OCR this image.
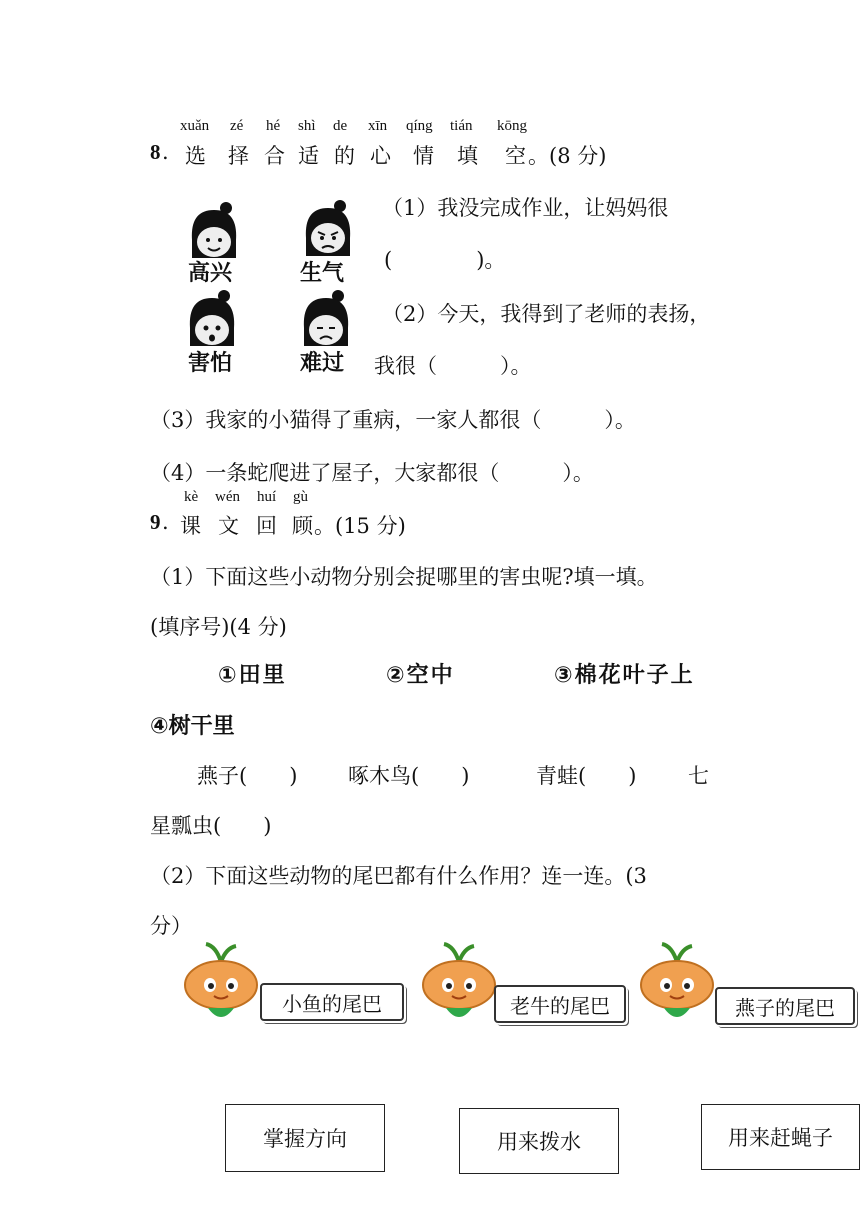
xuǎn zé hé shì de xīn qíng tián kōng
8 . 选 择 合 适 的 心 情 填 空 。(8 分)
高兴	生气
害怕	难过
（1）我没完成作业，让妈妈很
(　　　　)。
（2）今天，我得到了老师的表扬，
我很（　　　）。
（3）我家的小猫得了重病，一家人都很（　　　）。
（4）一条蛇爬进了屋子，大家都很（　　　）。
kè wén huí gù
9 . 课 文 回 顾 。(15 分)
（1）下面这些小动物分别会捉哪里的害虫呢?填一填。
(填序号)(4 分)
①田里	②空中	③棉花叶子上
④树干里
燕子(　　) 啄木鸟(　　)	青蛙(　　) 七
星瓢虫(　　)
（2）下面这些动物的尾巴都有什么作用？连一连。(3
分）
小鱼的尾巴	老牛的尾巴	燕子的尾巴
掌握方向	用来拨水	用来赶蝇子
